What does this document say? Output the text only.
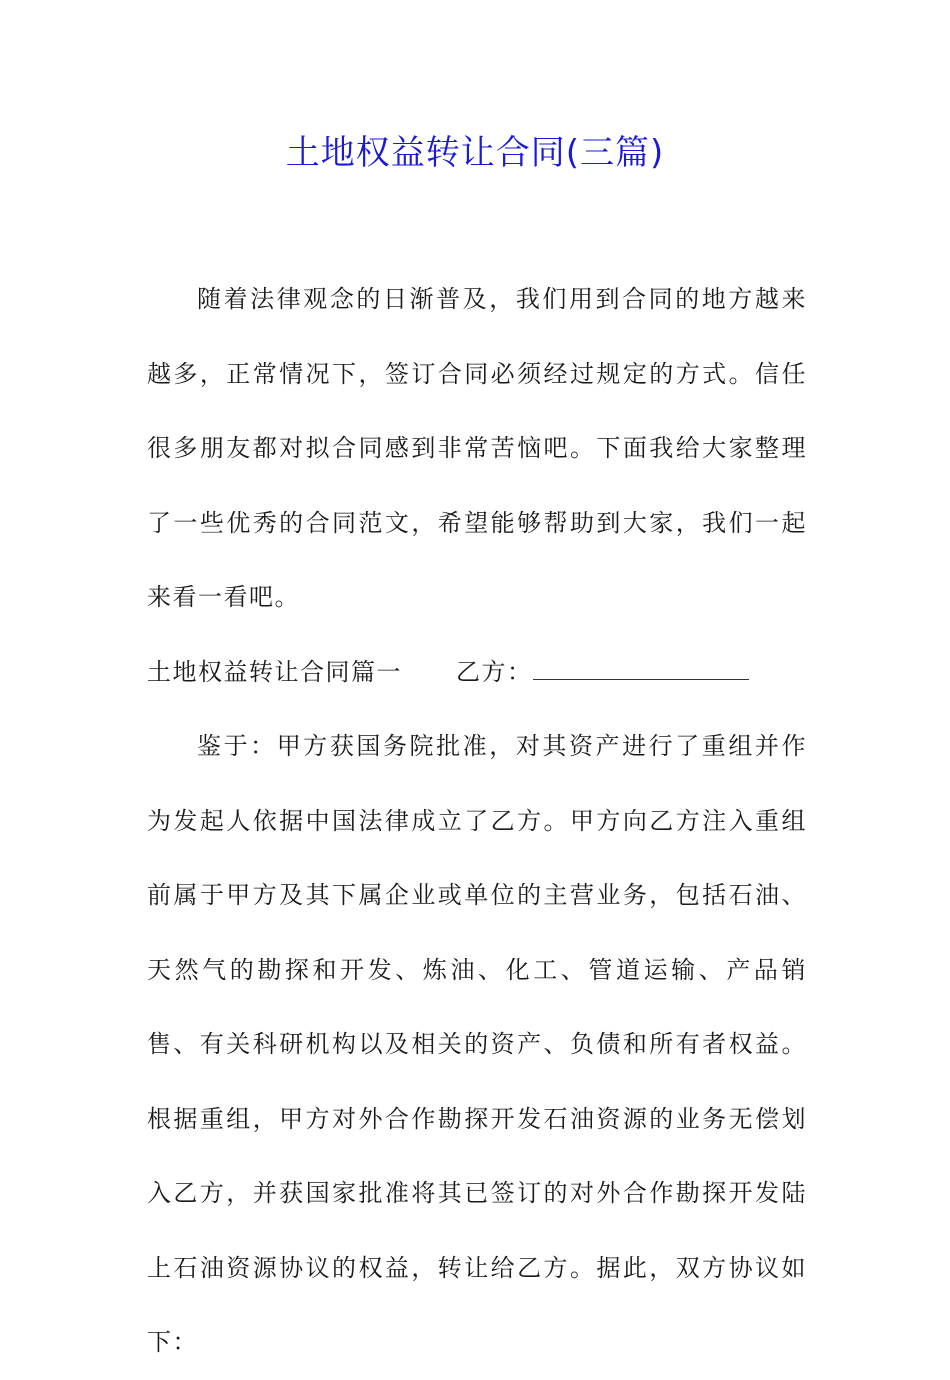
土地权益转让合同(三篇)

随着法律观念的日渐普及，我们用到合同的地方越来越多，正常情况下，签订合同必须经过规定的方式。信任很多朋友都对拟合同感到非常苦恼吧。下面我给大家整理了一些优秀的合同范文，希望能够帮助到大家，我们一起来看一看吧。

土地权益转让合同篇一 乙方：

鉴于：甲方获国务院批准，对其资产进行了重组并作为发起人依据中国法律成立了乙方。甲方向乙方注入重组前属于甲方及其下属企业或单位的主营业务，包括石油、天然气的勘探和开发、炼油、化工、管道运输、产品销售、有关科研机构以及相关的资产、负债和所有者权益。根据重组，甲方对外合作勘探开发石油资源的业务无偿划入乙方，并获国家批准将其已签订的对外合作勘探开发陆上石油资源协议的权益，转让给乙方。据此，双方协议如下：
